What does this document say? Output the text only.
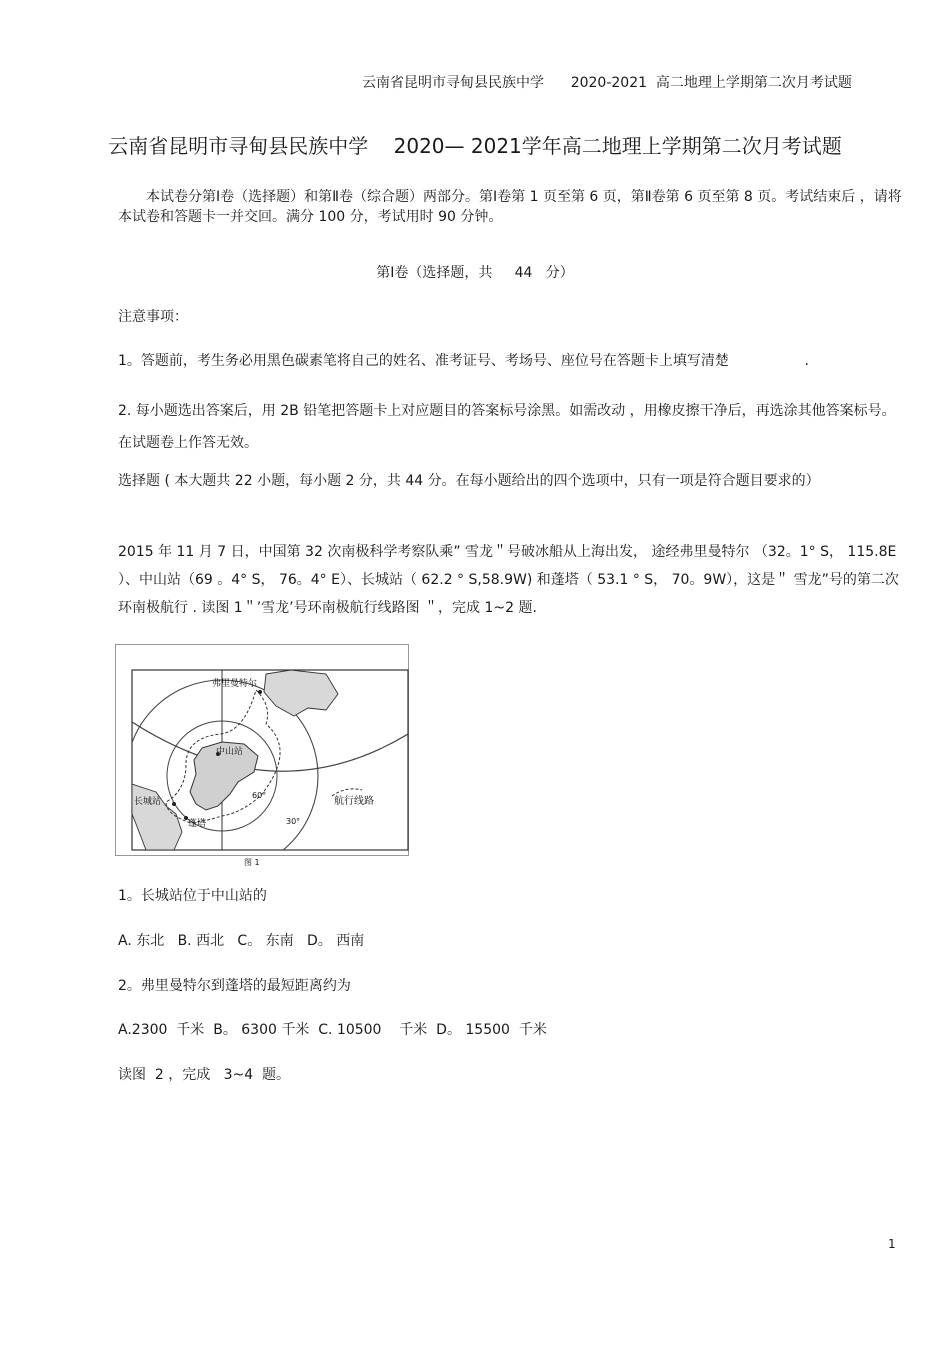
云南省昆明市寻甸县民族中学      2020-2021  高二地理上学期第二次月考试题
云南省昆明市寻甸县民族中学    2020— 2021学年高二地理上学期第二次月考试题
本试卷分第Ⅰ卷（选择题）和第Ⅱ卷（综合题）两部分。第Ⅰ卷第 1 页至第 6 页，第Ⅱ卷第 6 页至第 8 页。考试结束后 ，请将本试卷和答题卡一并交回。满分 100 分，考试用时 90 分钟。
第Ⅰ卷（选择题，共     44   分）
注意事项：
1。答题前，考生务必用黑色碳素笔将自己的姓名、准考证号、考场号、座位号在答题卡上填写清楚                 .
2. 每小题选出答案后，用 2B 铅笔把答题卡上对应题目的答案标号涂黑。如需改动 ，用橡皮擦干净后，再选涂其他答案标号。在试题卷上作答无效。
选择题 ( 本大题共 22 小题，每小题 2 分，共 44 分。在每小题给出的四个选项中，只有一项是符合题目要求的）
2015 年 11 月 7 日，中国第 32 次南极科学考察队乘” 雪龙＂号破冰船从上海出发， 途经弗里曼特尔 （32。1° S， 115.8E ）、中山站（69 。4° S， 76。4° E）、长城站（ 62.2 ° S,58.9W) 和蓬塔（ 53.1 ° S， 70。9W），这是＂ 雪龙”号的第二次环南极航行 . 读图 1＂’雪龙’号环南极航行线路图 ＂，完成 1~2 题.

弗里曼特尔
中山站
长城站
蓬塔
60°
30°
航行线路
图 1

1。长城站位于中山站的
A. 东北   B. 西北   C。 东南   D。 西南
2。弗里曼特尔到蓬塔的最短距离约为
A.2300  千米  B。 6300 千米  C. 10500    千米  D。 15500  千米
读图  2 ，完成   3~4  题。
1
